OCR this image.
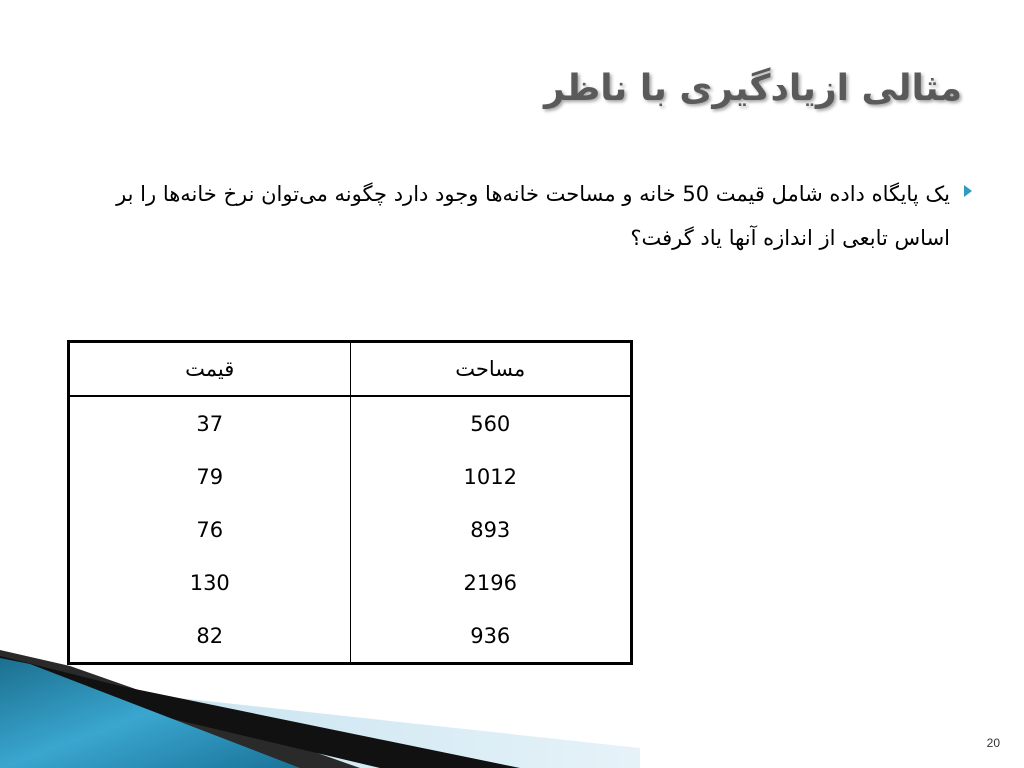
مثالی ازیادگیری با ناظر

یک پایگاه داده شامل قیمت 50 خانه و مساحت خانه‌ها وجود دارد چگونه می‌توان نرخ خانه‌ها را بر اساس تابعی از اندازه آنها یاد گرفت؟

قیمت	مساحت
37	560
79	1012
76	893
130	2196
82	936
20
